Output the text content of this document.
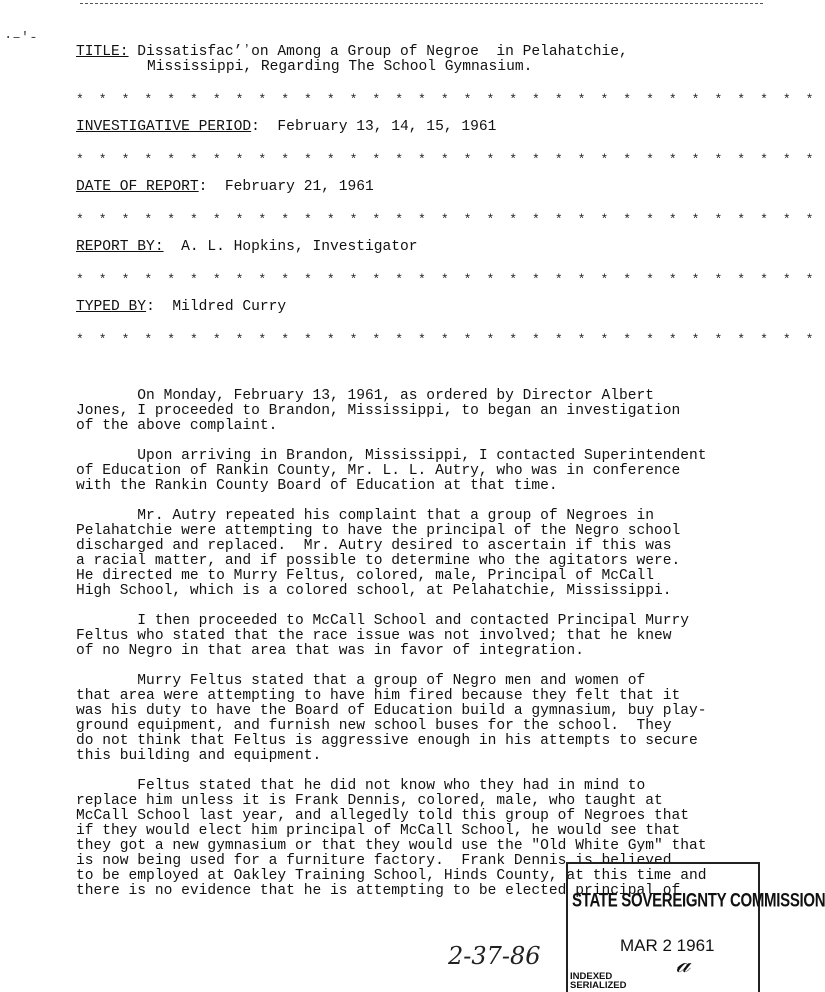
·‒′‑
TITLE: Dissatisfac’ʼon Among a Group of Negroe  in Pelahatchie,
Mississippi, Regarding The School Gymnasium.
* * * * * * * * * * * * * * * * * * * * * * * * * * * * * * * * *
INVESTIGATIVE PERIOD:  February 13, 14, 15, 1961
* * * * * * * * * * * * * * * * * * * * * * * * * * * * * * * * *
DATE OF REPORT:  February 21, 1961
* * * * * * * * * * * * * * * * * * * * * * * * * * * * * * * * *
REPORT BY:  A. L. Hopkins, Investigator
* * * * * * * * * * * * * * * * * * * * * * * * * * * * * * * * *
TYPED BY:  Mildred Curry
* * * * * * * * * * * * * * * * * * * * * * * * * * * * * * * * *
On Monday, February 13, 1961, as ordered by Director Albert
Jones, I proceeded to Brandon, Mississippi, to began an investigation
of the above complaint.
Upon arriving in Brandon, Mississippi, I contacted Superintendent
of Education of Rankin County, Mr. L. L. Autry, who was in conference
with the Rankin County Board of Education at that time.
Mr. Autry repeated his complaint that a group of Negroes in
Pelahatchie were attempting to have the principal of the Negro school
discharged and replaced.  Mr. Autry desired to ascertain if this was
a racial matter, and if possible to determine who the agitators were.
He directed me to Murry Feltus, colored, male, Principal of McCall
High School, which is a colored school, at Pelahatchie, Mississippi.
I then proceeded to McCall School and contacted Principal Murry
Feltus who stated that the race issue was not involved; that he knew
of no Negro in that area that was in favor of integration.
Murry Feltus stated that a group of Negro men and women of
that area were attempting to have him fired because they felt that it
was his duty to have the Board of Education build a gymnasium, buy play-
ground equipment, and furnish new school buses for the school.  They
do not think that Feltus is aggressive enough in his attempts to secure
this building and equipment.
Feltus stated that he did not know who they had in mind to
replace him unless it is Frank Dennis, colored, male, who taught at
McCall School last year, and allegedly told this group of Negroes that
if they would elect him principal of McCall School, he would see that
they got a new gymnasium or that they would use the "Old White Gym" that
is now being used for a furniture factory.  Frank Dennis is believed
to be employed at Oakley Training School, Hinds County, at this time and
there is no evidence that he is attempting to be elected principal of
2-37-86
STATE SOVEREIGNTY COMMISSION
MAR 2 1961
𝒶
INDEXED
SERIALIZED
